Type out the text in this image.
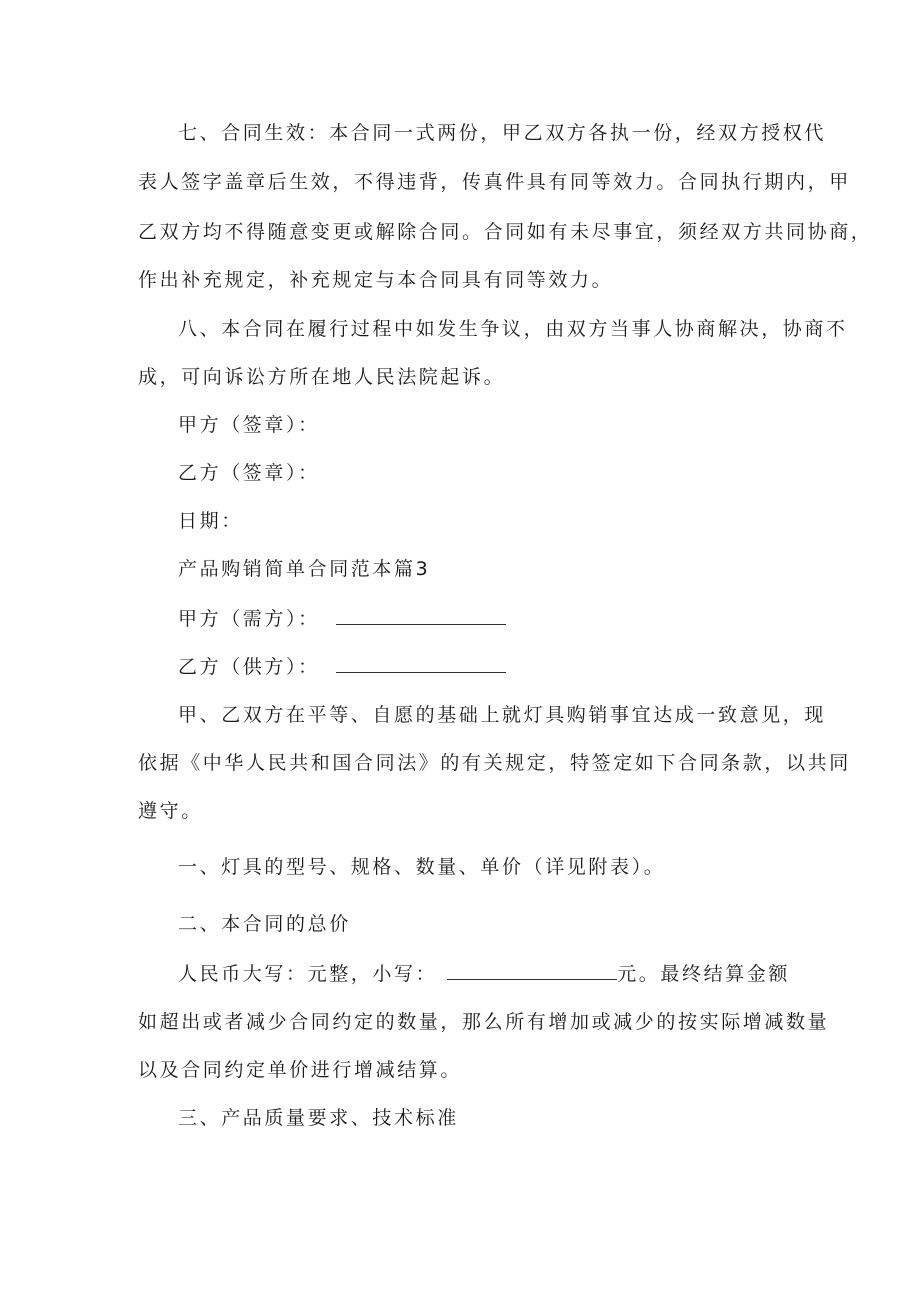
七、合同生效：本合同一式两份，甲乙双方各执一份，经双方授权代
表人签字盖章后生效，不得违背，传真件具有同等效力。合同执行期内，甲
乙双方均不得随意变更或解除合同。合同如有未尽事宜，须经双方共同协商，
作出补充规定，补充规定与本合同具有同等效力。
八、本合同在履行过程中如发生争议，由双方当事人协商解决，协商不
成，可向诉讼方所在地人民法院起诉。
甲方（签章）：
乙方（签章）：
日期：
产品购销简单合同范本篇3
甲方（需方）：
乙方（供方）：
甲、乙双方在平等、自愿的基础上就灯具购销事宜达成一致意见，现
依据《中华人民共和国合同法》的有关规定，特签定如下合同条款，以共同
遵守。
一、灯具的型号、规格、数量、单价（详见附表）。
二、本合同的总价
人民币大写：元整，小写：	元。最终结算金额
如超出或者减少合同约定的数量，那么所有增加或减少的按实际增减数量
以及合同约定单价进行增减结算。
三、产品质量要求、技术标准
